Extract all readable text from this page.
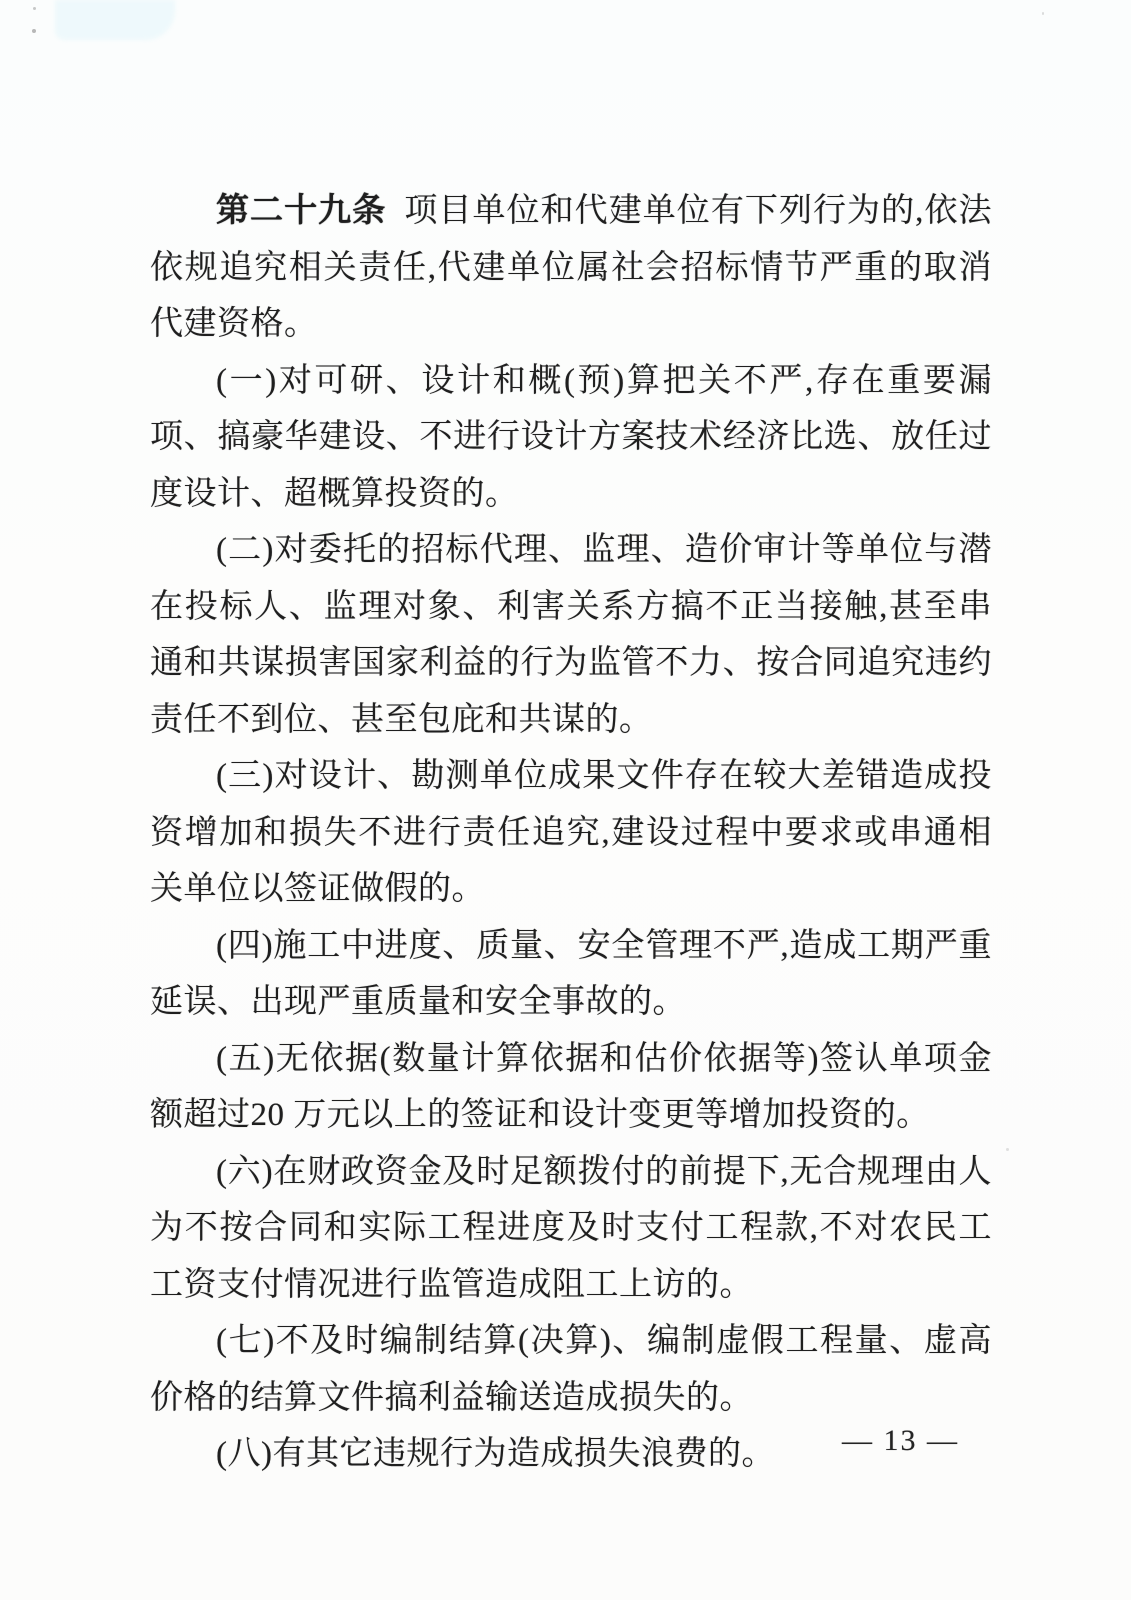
第二十九条 项目单位和代建单位有下列行为的,依法依规追究相关责任,代建单位属社会招标情节严重的取消代建资格。

(一)对可研、设计和概(预)算把关不严,存在重要漏项、搞豪华建设、不进行设计方案技术经济比选、放任过度设计、超概算投资的。

(二)对委托的招标代理、监理、造价审计等单位与潜在投标人、监理对象、利害关系方搞不正当接触,甚至串通和共谋损害国家利益的行为监管不力、按合同追究违约责任不到位、甚至包庇和共谋的。

(三)对设计、勘测单位成果文件存在较大差错造成投资增加和损失不进行责任追究,建设过程中要求或串通相关单位以签证做假的。

(四)施工中进度、质量、安全管理不严,造成工期严重延误、出现严重质量和安全事故的。

(五)无依据(数量计算依据和估价依据等)签认单项金额超过20 万元以上的签证和设计变更等增加投资的。

(六)在财政资金及时足额拨付的前提下,无合规理由人为不按合同和实际工程进度及时支付工程款,不对农民工工资支付情况进行监管造成阻工上访的。

(七)不及时编制结算(决算)、编制虚假工程量、虚高价格的结算文件搞利益输送造成损失的。

(八)有其它违规行为造成损失浪费的。	— 13 —
